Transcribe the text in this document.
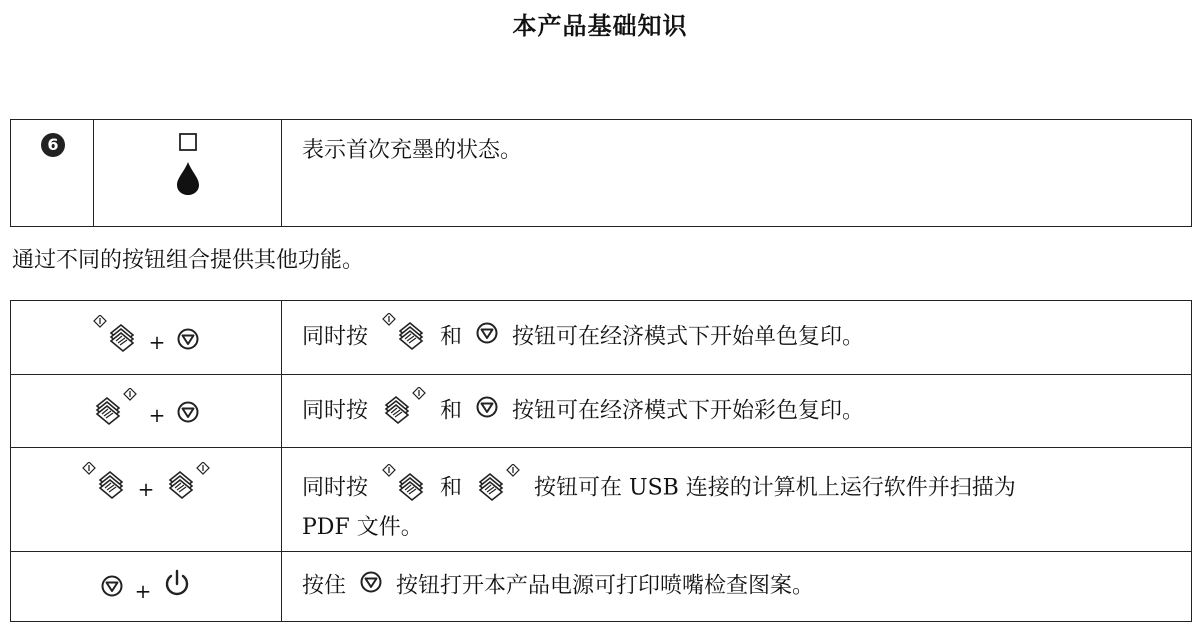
本产品基础知识
6		表示首次充墨的状态。
通过不同的按钮组合提供其他功能。
+	同时按 和 按钮可在经济模式下开始单色复印。
+	同时按 和 按钮可在经济模式下开始彩色复印。
+	同时按 和 按钮可在 USB 连接的计算机上运行软件并扫描为
PDF 文件。
+	按住 按钮打开本产品电源可打印喷嘴检查图案。
